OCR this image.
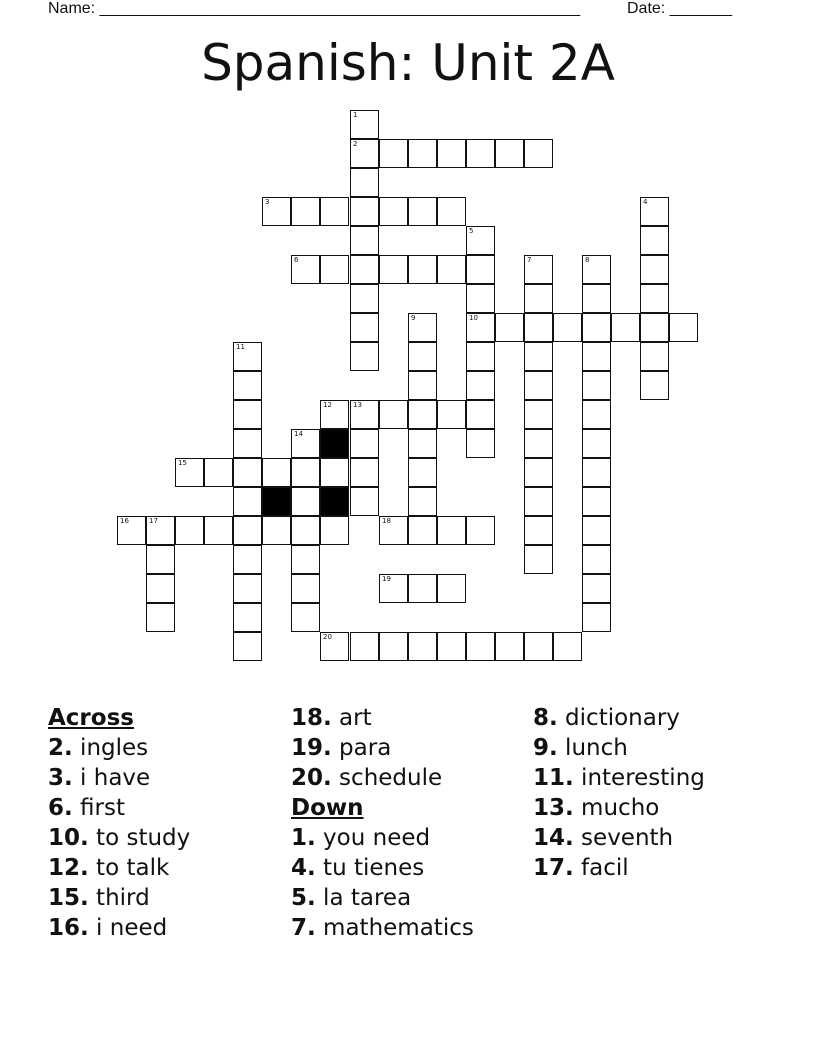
Name: ______________________________________________________	Date: _______
Spanish: Unit 2A
1
2
3	4
5
6	7	8
9	10
11
12	13
14
15
16	17	18
19
20
Across
2. ingles
3. i have
6. first
10. to study
12. to talk
15. third
16. i need
18. art
19. para
20. schedule
Down
1. you need
4. tu tienes
5. la tarea
7. mathematics
8. dictionary
9. lunch
11. interesting
13. mucho
14. seventh
17. facil
